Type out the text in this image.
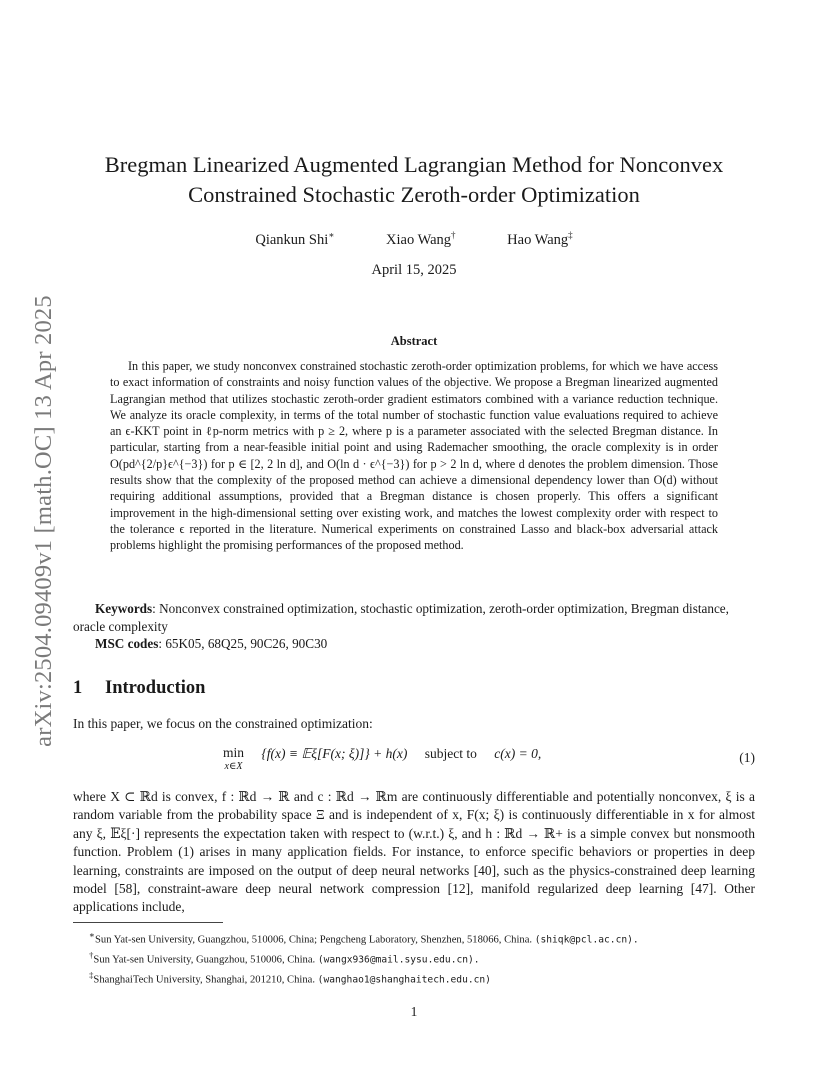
arXiv:2504.09409v1 [math.OC] 13 Apr 2025
Bregman Linearized Augmented Lagrangian Method for Nonconvex
Constrained Stochastic Zeroth-order Optimization
Qiankun Shi∗	Xiao Wang†	Hao Wang‡
April 15, 2025
Abstract
In this paper, we study nonconvex constrained stochastic zeroth-order optimization problems, for which we have access to exact information of constraints and noisy function values of the objective. We propose a Bregman linearized augmented Lagrangian method that utilizes stochastic zeroth-order gradient estimators combined with a variance reduction technique. We analyze its oracle complexity, in terms of the total number of stochastic function value evaluations required to achieve an ϵ-KKT point in ℓp-norm metrics with p ≥ 2, where p is a parameter associated with the selected Bregman distance. In particular, starting from a near-feasible initial point and using Rademacher smoothing, the oracle complexity is in order O(pd^{2/p}ϵ^{−3}) for p ∈ [2, 2 ln d], and O(ln d · ϵ^{−3}) for p > 2 ln d, where d denotes the problem dimension. Those results show that the complexity of the proposed method can achieve a dimensional dependency lower than O(d) without requiring additional assumptions, provided that a Bregman distance is chosen properly. This offers a significant improvement in the high-dimensional setting over existing work, and matches the lowest complexity order with respect to the tolerance ϵ reported in the literature. Numerical experiments on constrained Lasso and black-box adversarial attack problems highlight the promising performances of the proposed method.
Keywords: Nonconvex constrained optimization, stochastic optimization, zeroth-order optimization, Bregman distance, oracle complexity
MSC codes: 65K05, 68Q25, 90C26, 90C30
1 Introduction
In this paper, we focus on the constrained optimization:
min
x∈X
{f(x) ≡ 𝔼ξ[F(x; ξ)]} + h(x) subject to c(x) = 0,	(1)
where X ⊂ ℝd is convex, f : ℝd → ℝ and c : ℝd → ℝm are continuously differentiable and potentially nonconvex, ξ is a random variable from the probability space Ξ and is independent of x, F(x; ξ) is continuously differentiable in x for almost any ξ, 𝔼ξ[·] represents the expectation taken with respect to (w.r.t.) ξ, and h : ℝd → ℝ+ is a simple convex but nonsmooth function. Problem (1) arises in many application fields. For instance, to enforce specific behaviors or properties in deep learning, constraints are imposed on the output of deep neural networks [40], such as the physics-constrained deep learning model [58], constraint-aware deep neural network compression [12], manifold regularized deep learning [47]. Other applications include,
∗Sun Yat-sen University, Guangzhou, 510006, China; Pengcheng Laboratory, Shenzhen, 518066, China. (shiqk@pcl.ac.cn).
†Sun Yat-sen University, Guangzhou, 510006, China. (wangx936@mail.sysu.edu.cn).
‡ShanghaiTech University, Shanghai, 201210, China. (wanghao1@shanghaitech.edu.cn)
1
